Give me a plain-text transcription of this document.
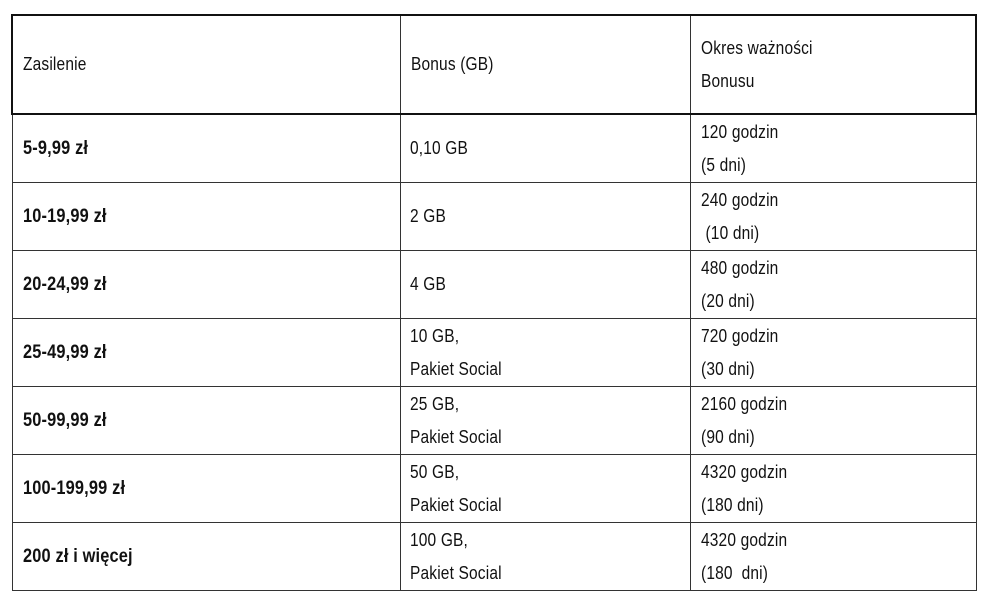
Zasilenie	Bonus (GB)	Okres ważności
Bonusu

5-9,99 zł	0,10 GB	120 godzin
(5 dni)

10-19,99 zł	2 GB	240 godzin
(10 dni)

20-24,99 zł	4 GB	480 godzin
(20 dni)

25-49,99 zł	10 GB,
Pakiet Social	720 godzin
(30 dni)

50-99,99 zł	25 GB,
Pakiet Social	2160 godzin
(90 dni)

100-199,99 zł	50 GB,
Pakiet Social	4320 godzin
(180 dni)

200 zł i więcej	100 GB,
Pakiet Social	4320 godzin
(180  dni)
